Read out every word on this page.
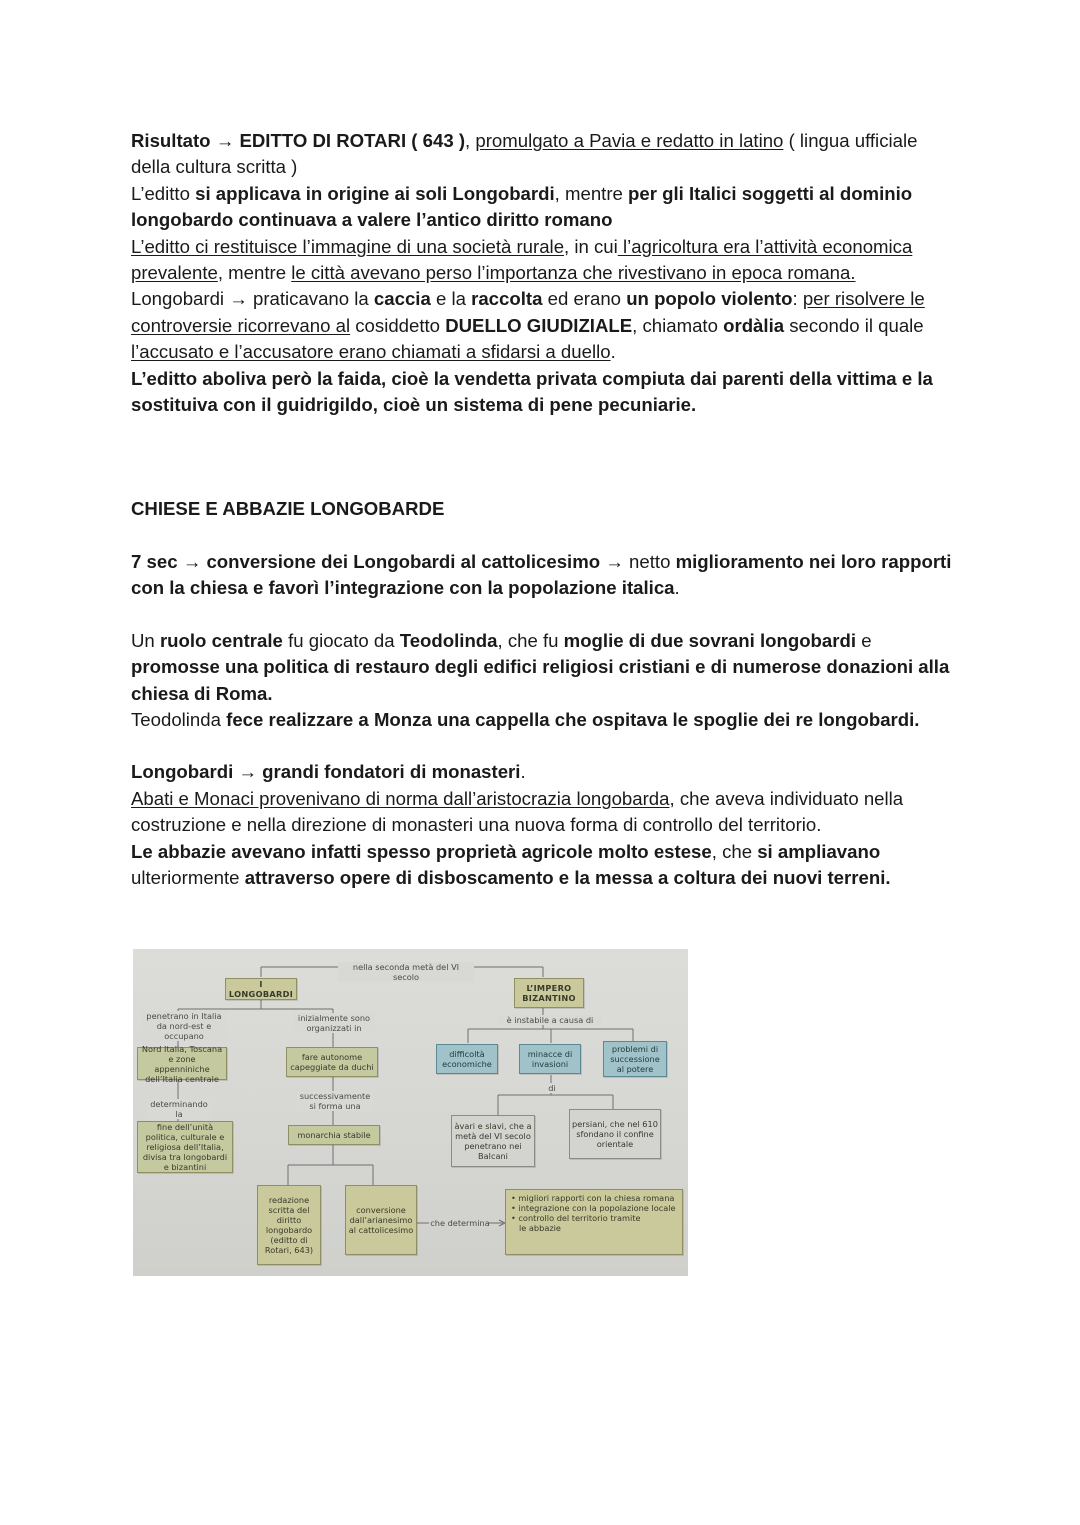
Risultato → EDITTO DI ROTARI ( 643 ), promulgato a Pavia e redatto in latino ( lingua ufficiale della cultura scritta )

L’editto si applicava in origine ai soli Longobardi, mentre per gli Italici soggetti al dominio longobardo continuava a valere l’antico diritto romano

L’editto ci restituisce l’immagine di una società rurale, in cui l’agricoltura era l’attività economica prevalente, mentre le città avevano perso l’importanza che rivestivano in epoca romana.

Longobardi → praticavano la caccia e la raccolta ed erano un popolo violento: per risolvere le controversie ricorrevano al cosiddetto DUELLO GIUDIZIALE, chiamato ordàlia secondo il quale l’accusato e l’accusatore erano chiamati a sfidarsi a duello.

L’editto aboliva però la faida, cioè la vendetta privata compiuta dai parenti della vittima e la sostituiva con il guidrigildo, cioè un sistema di pene pecuniarie.

CHIESE E ABBAZIE LONGOBARDE

7 sec → conversione dei Longobardi al cattolicesimo → netto miglioramento nei loro rapporti con la chiesa e favorì l’integrazione con la popolazione italica.

Un ruolo centrale fu giocato da Teodolinda, che fu moglie di due sovrani longobardi e promosse una politica di restauro degli edifici religiosi cristiani e di numerose donazioni alla chiesa di Roma.

Teodolinda fece realizzare a Monza una cappella che ospitava le spoglie dei re longobardi.

Longobardi → grandi fondatori di monasteri.

Abati e Monaci provenivano di norma dall’aristocrazia longobarda, che aveva individuato nella costruzione e nella direzione di monasteri una nuova forma di controllo del territorio.

Le abbazie avevano infatti spesso proprietà agricole molto estese, che si ampliavano ulteriormente attraverso opere di disboscamento e la messa a coltura dei nuovi terreni.

nella seconda metà del VI secolo
I LONGOBARDI
L’IMPERO BIZANTINO
penetrano in Italia da nord-est e occupano
inizialmente sono organizzati in
è instabile a causa di
Nord Italia, Toscana e zone appenniniche dell’Italia centrale
fare autonome capeggiate da duchi
difficoltà economiche
minacce di invasioni
problemi di successione al potere
determinando la
successivamente si forma una
di
fine dell’unità politica, culturale e religiosa dell’Italia, divisa tra longobardi e bizantini
monarchia stabile
àvari e slavi, che a metà del VI secolo penetrano nei Balcani
persiani, che nel 610 sfondano il confine orientale
redazione scritta del diritto longobardo (editto di Rotari, 643)
conversione dall’arianesimo al cattolicesimo
che determina
• migliori rapporti con la chiesa romana
• integrazione con la popolazione locale
• controllo del territorio tramite
le abbazie
